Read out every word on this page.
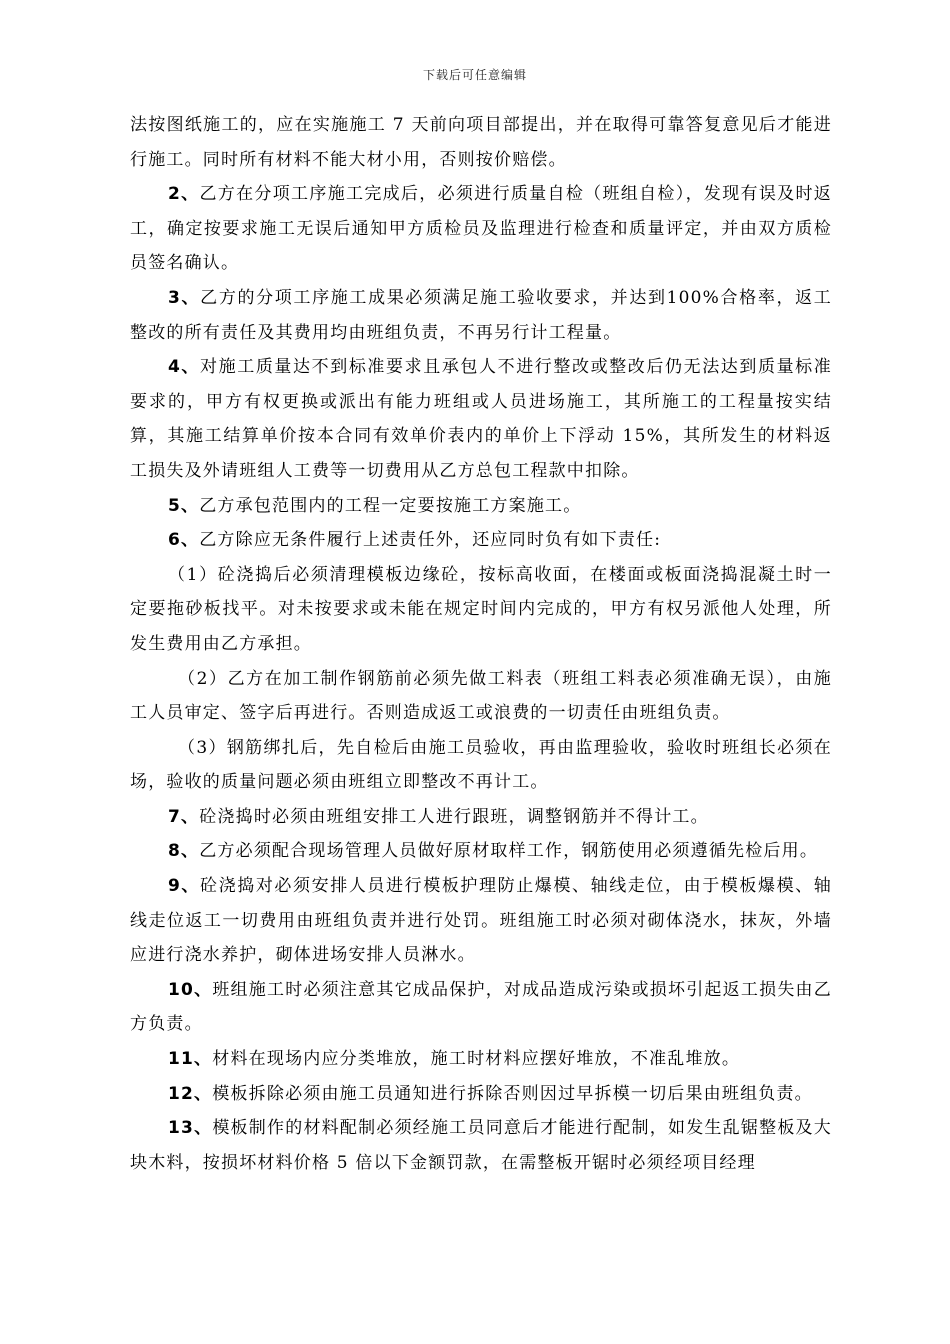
下载后可任意编辑

法按图纸施工的，应在实施施工 7 天前向项目部提出，并在取得可靠答复意见后才能进行施工。同时所有材料不能大材小用，否则按价赔偿。

2、乙方在分项工序施工完成后，必须进行质量自检（班组自检），发现有误及时返工，确定按要求施工无误后通知甲方质检员及监理进行检查和质量评定，并由双方质检员签名确认。

3、乙方的分项工序施工成果必须满足施工验收要求，并达到100%合格率，返工整改的所有责任及其费用均由班组负责，不再另行计工程量。

4、对施工质量达不到标准要求且承包人不进行整改或整改后仍无法达到质量标准要求的，甲方有权更换或派出有能力班组或人员进场施工，其所施工的工程量按实结算，其施工结算单价按本合同有效单价表内的单价上下浮动 15%，其所发生的材料返工损失及外请班组人工费等一切费用从乙方总包工程款中扣除。

5、乙方承包范围内的工程一定要按施工方案施工。

6、乙方除应无条件履行上述责任外，还应同时负有如下责任:

（1）砼浇捣后必须清理模板边缘砼，按标高收面，在楼面或板面浇捣混凝土时一定要拖砂板找平。对未按要求或未能在规定时间内完成的，甲方有权另派他人处理，所发生费用由乙方承担。

（2）乙方在加工制作钢筋前必须先做工料表（班组工料表必须准确无误），由施工人员审定、签字后再进行。否则造成返工或浪费的一切责任由班组负责。

（3）钢筋绑扎后，先自检后由施工员验收，再由监理验收，验收时班组长必须在场，验收的质量问题必须由班组立即整改不再计工。

7、砼浇捣时必须由班组安排工人进行跟班，调整钢筋并不得计工。

8、乙方必须配合现场管理人员做好原材取样工作，钢筋使用必须遵循先检后用。

9、砼浇捣对必须安排人员进行模板护理防止爆模、轴线走位，由于模板爆模、轴线走位返工一切费用由班组负责并进行处罚。班组施工时必须对砌体浇水，抹灰，外墙应进行浇水养护，砌体进场安排人员淋水。

10、班组施工时必须注意其它成品保护，对成品造成污染或损坏引起返工损失由乙方负责。

11、材料在现场内应分类堆放，施工时材料应摆好堆放，不准乱堆放。

12、模板拆除必须由施工员通知进行拆除否则因过早拆模一切后果由班组负责。

13、模板制作的材料配制必须经施工员同意后才能进行配制，如发生乱锯整板及大块木料，按损坏材料价格 5 倍以下金额罚款，在需整板开锯时必须经项目经理
